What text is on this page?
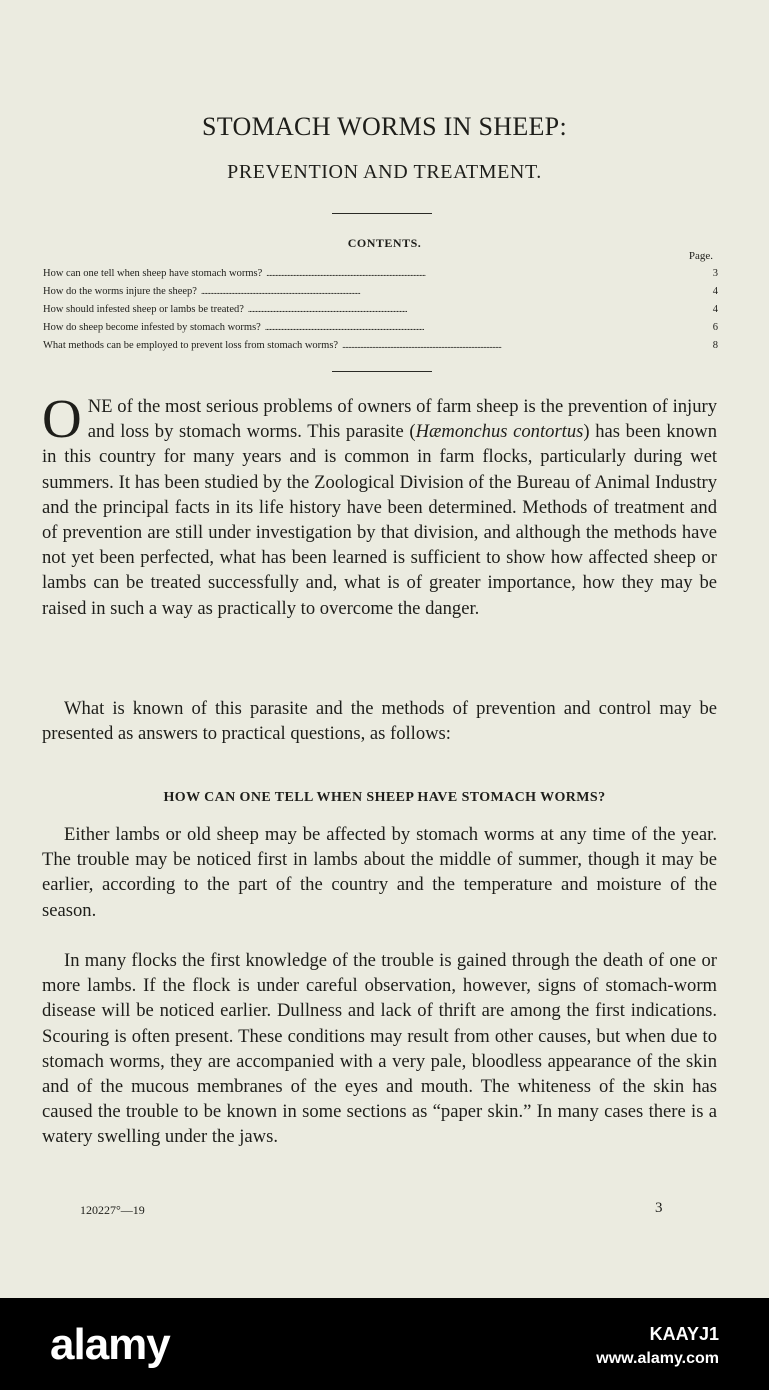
STOMACH WORMS IN SHEEP:
PREVENTION AND TREATMENT.
CONTENTS.
Page.
How can one tell when sheep have stomach worms? . . .	3
How do the worms injure the sheep? . . .	4
How should infested sheep or lambs be treated? . . .	4
How do sheep become infested by stomach worms? . . .	6
What methods can be employed to prevent loss from stomach worms? . . .	8

ONE of the most serious problems of owners of farm sheep is the prevention of injury and loss by stomach worms. This parasite (Hæmonchus contortus) has been known in this country for many years and is common in farm flocks, particularly during wet summers. It has been studied by the Zoological Division of the Bureau of Animal Industry and the principal facts in its life history have been determined. Methods of treatment and of prevention are still under investigation by that division, and although the methods have not yet been perfected, what has been learned is sufficient to show how affected sheep or lambs can be treated successfully and, what is of greater importance, how they may be raised in such a way as practically to overcome the danger.

What is known of this parasite and the methods of prevention and control may be presented as answers to practical questions, as follows:

HOW CAN ONE TELL WHEN SHEEP HAVE STOMACH WORMS?

Either lambs or old sheep may be affected by stomach worms at any time of the year. The trouble may be noticed first in lambs about the middle of summer, though it may be earlier, according to the part of the country and the temperature and moisture of the season.

In many flocks the first knowledge of the trouble is gained through the death of one or more lambs. If the flock is under careful observation, however, signs of stomach-worm disease will be noticed earlier. Dullness and lack of thrift are among the first indications. Scouring is often present. These conditions may result from other causes, but when due to stomach worms, they are accompanied with a very pale, bloodless appearance of the skin and of the mucous membranes of the eyes and mouth. The whiteness of the skin has caused the trouble to be known in some sections as “paper skin.” In many cases there is a watery swelling under the jaws.

120227°—19	3
alamy	KAAYJ1
www.alamy.com
